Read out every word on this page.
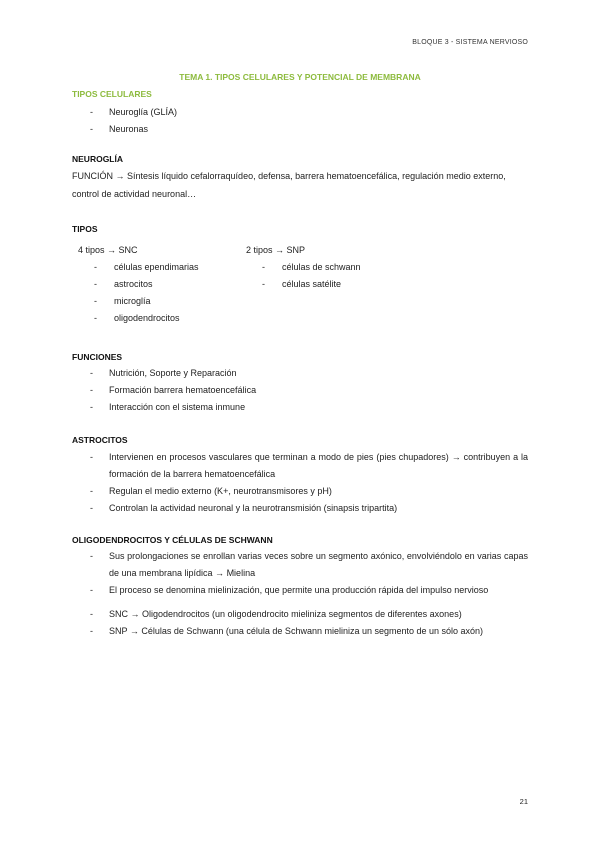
BLOQUE 3 - SISTEMA NERVIOSO
TEMA 1. TIPOS CELULARES Y POTENCIAL DE MEMBRANA
TIPOS CELULARES
- Neuroglía (GLÍA)
- Neuronas
NEUROGLÍA
FUNCIÓN → Síntesis líquido cefalorraquídeo, defensa, barrera hematoencefálica, regulación medio externo, control de actividad neuronal…
TIPOS
4 tipos → SNC
- células ependimarias
- astrocitos
- microglía
- oligodendrocitos
2 tipos → SNP
- células de schwann
- células satélite
FUNCIONES
- Nutrición, Soporte y Reparación
- Formación barrera hematoencefálica
- Interacción con el sistema inmune
ASTROCITOS
- Intervienen en procesos vasculares que terminan a modo de pies (pies chupadores) → contribuyen a la formación de la barrera hematoencefálica
- Regulan el medio externo (K+, neurotransmisores y pH)
- Controlan la actividad neuronal y la neurotransmisión (sinapsis tripartita)
OLIGODENDROCITOS Y CÉLULAS DE SCHWANN
- Sus prolongaciones se enrollan varias veces sobre un segmento axónico, envolviéndolo en varias capas de una membrana lipídica → Mielina
- El proceso se denomina mielinización, que permite una producción rápida del impulso nervioso
- SNC → Oligodendrocitos (un oligodendrocito mieliniza segmentos de diferentes axones)
- SNP → Células de Schwann (una célula de Schwann mieliniza un segmento de un sólo axón)
21
